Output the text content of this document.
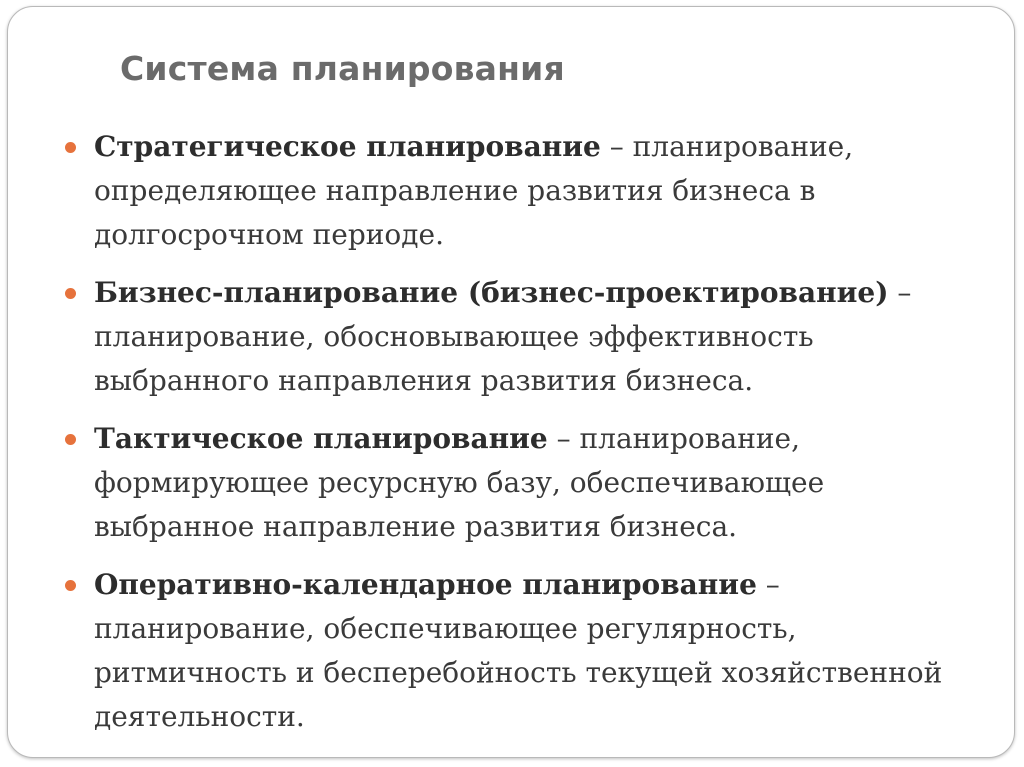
Система планирования
Стратегическое планирование – планирование, определяющее направление развития бизнеса в долгосрочном периоде.
Бизнес-планирование (бизнес-проектирование) – планирование, обосновывающее эффективность выбранного направления развития бизнеса.
Тактическое планирование – планирование, формирующее ресурсную базу, обеспечивающее выбранное направление развития бизнеса.
Оперативно-календарное планирование – планирование, обеспечивающее регулярность, ритмичность и бесперебойность текущей хозяйственной деятельности.
